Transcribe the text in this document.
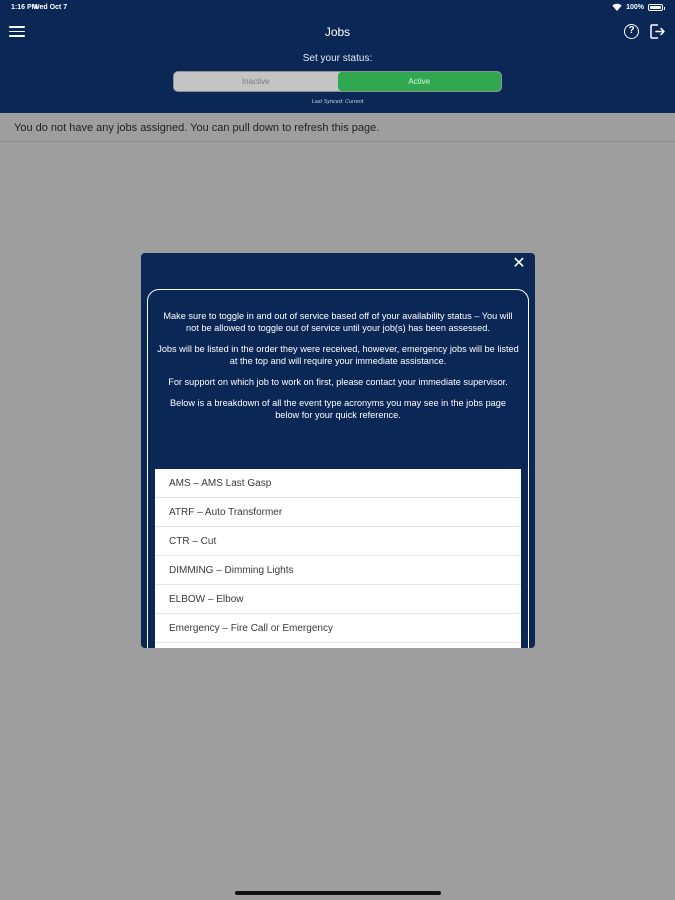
1:16 PM
Wed Oct 7	100%
Jobs	?
Set your status:
Inactive	Active
Last Synced: Current
You do not have any jobs assigned. You can pull down to refresh this page.
✕

Make sure to toggle in and out of service based off of your availability status – You will not be allowed to toggle out of service until your job(s) has been assessed.

Jobs will be listed in the order they were received, however, emergency jobs will be listed at the top and will require your immediate assistance.

For support on which job to work on first, please contact your immediate supervisor.

Below is a breakdown of all the event type acronyms you may see in the jobs page below for your quick reference.

AMS – AMS Last Gasp
ATRF – Auto Transformer
CTR – Cut
DIMMING – Dimming Lights
ELBOW – Elbow
Emergency – Fire Call or Emergency
